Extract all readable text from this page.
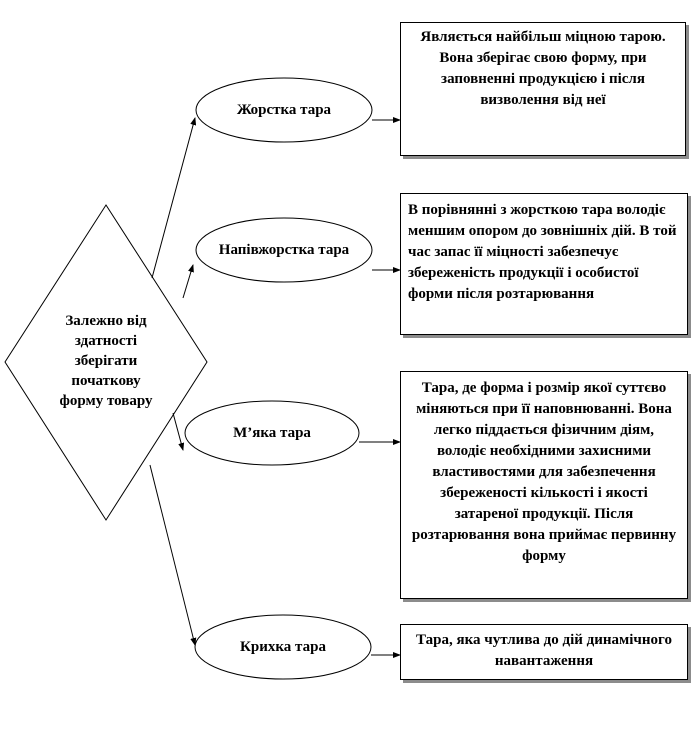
Залежно від здатності зберігати початкову форму товару
Жорстка тара
Напівжорстка тара
М’яка тара
Крихка тара
Являється найбільш міцною тарою. Вона зберігає свою форму, при заповненні продукцією і після визволення від неї
В порівнянні з жорсткою тара володіє меншим опором до зовнішніх дій. В той час запас її міцності забезпечує збереженість продукції і особистої форми після розтарювання
Тара, де форма і розмір якої суттєво міняються при її наповнюванні. Вона легко піддається фізичним діям, володіє необхідними захисними властивостями для забезпечення збереженості кількості і якості затареної продукції. Після розтарювання вона приймає первинну форму
Тара, яка чутлива до дій динамічного навантаження
